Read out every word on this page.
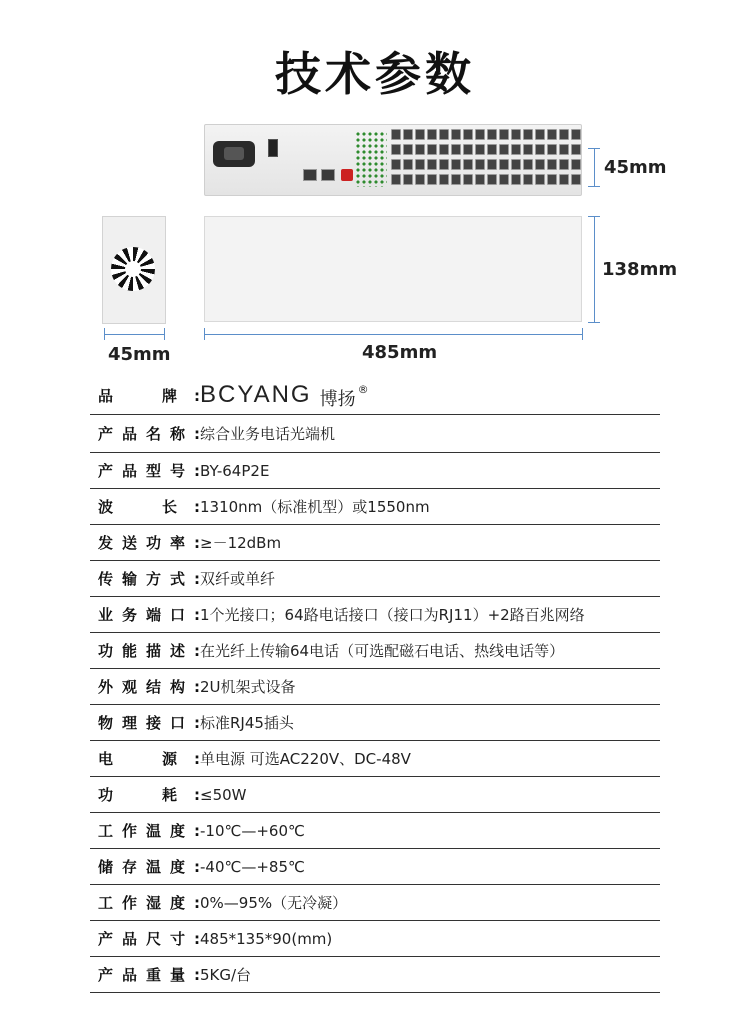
技术参数
45mm
138mm
45mm	485mm
品　牌: BCYANG 博扬 ®
产品名称: 综合业务电话光端机
产品型号: BY-64P2E
波　长: 1310nm（标准机型）或1550nm
发送功率: ≥－12dBm
传输方式: 双纤或单纤
业务端口: 1个光接口；64路电话接口（接口为RJ11）+2路百兆网络
功能描述: 在光纤上传输64电话（可选配磁石电话、热线电话等）
外观结构: 2U机架式设备
物理接口: 标准RJ45插头
电　源: 单电源 可选AC220V、DC-48V
功　耗: ≤50W
工作温度: -10℃—+60℃
储存温度: -40℃—+85℃
工作湿度: 0%—95%（无冷凝）
产品尺寸: 485*135*90(mm)
产品重量: 5KG/台
